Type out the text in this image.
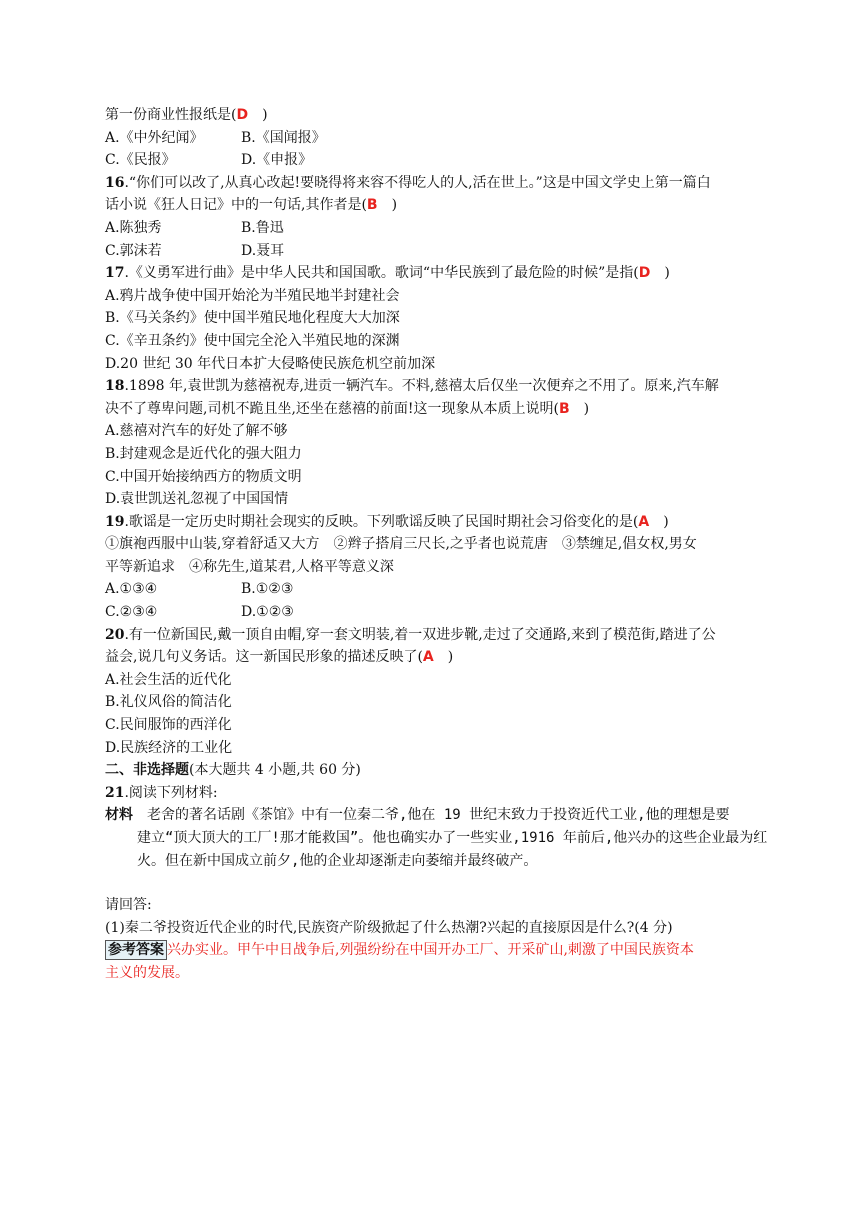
第一份商业性报纸是(D　)
A.《中外纪闻》	B.《国闻报》
C.《民报》	D.《申报》
16.“你们可以改了,从真心改起!要晓得将来容不得吃人的人,活在世上。”这是中国文学史上第一篇白
话小说《狂人日记》中的一句话,其作者是(B　)
A.陈独秀	B.鲁迅
C.郭沫若	D.聂耳
17.《义勇军进行曲》是中华人民共和国国歌。歌词“中华民族到了最危险的时候”是指(D　)
A.鸦片战争使中国开始沦为半殖民地半封建社会
B.《马关条约》使中国半殖民地化程度大大加深
C.《辛丑条约》使中国完全沦入半殖民地的深渊
D.20 世纪 30 年代日本扩大侵略使民族危机空前加深
18.1898 年,袁世凯为慈禧祝寿,进贡一辆汽车。不料,慈禧太后仅坐一次便弃之不用了。原来,汽车解
决不了尊卑问题,司机不跪且坐,还坐在慈禧的前面!这一现象从本质上说明(B　)
A.慈禧对汽车的好处了解不够
B.封建观念是近代化的强大阻力
C.中国开始接纳西方的物质文明
D.袁世凯送礼忽视了中国国情
19.歌谣是一定历史时期社会现实的反映。下列歌谣反映了民国时期社会习俗变化的是(A　)
①旗袍西服中山装,穿着舒适又大方　②辫子搭肩三尺长,之乎者也说荒唐　③禁缠足,倡女权,男女
平等新追求　④称先生,道某君,人格平等意义深
A.①③④	B.①②③
C.②③④	D.①②③
20.有一位新国民,戴一顶自由帽,穿一套文明装,着一双进步靴,走过了交通路,来到了模范街,踏进了公
益会,说几句义务话。这一新国民形象的描述反映了(A　)
A.社会生活的近代化
B.礼仪风俗的简洁化
C.民间服饰的西洋化
D.民族经济的工业化
二、非选择题(本大题共 4 小题,共 60 分)
21.阅读下列材料:
材料　老舍的著名话剧《茶馆》中有一位秦二爷,他在 19 世纪末致力于投资近代工业,他的理想是要
建立“顶大顶大的工厂!那才能救国”。他也确实办了一些实业,1916 年前后,他兴办的这些企业最为红
火。但在新中国成立前夕,他的企业却逐渐走向萎缩并最终破产。
请回答:
(1)秦二爷投资近代企业的时代,民族资产阶级掀起了什么热潮?兴起的直接原因是什么?(4 分)
参考答案 兴办实业。甲午中日战争后,列强纷纷在中国开办工厂、开采矿山,刺激了中国民族资本
主义的发展。
